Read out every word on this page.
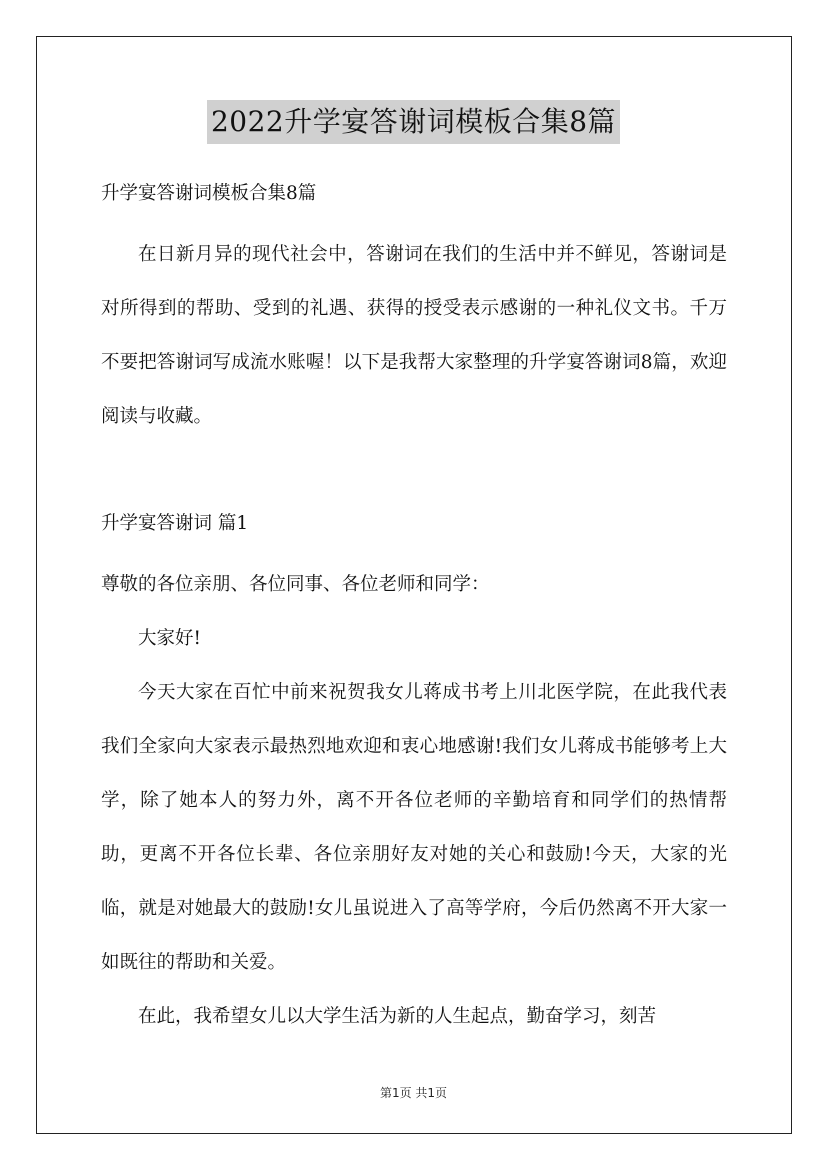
2022升学宴答谢词模板合集8篇

升学宴答谢词模板合集8篇

在日新月异的现代社会中，答谢词在我们的生活中并不鲜见，答谢词是对所得到的帮助、受到的礼遇、获得的授受表示感谢的一种礼仪文书。千万不要把答谢词写成流水账喔！以下是我帮大家整理的升学宴答谢词8篇，欢迎阅读与收藏。

升学宴答谢词 篇1

尊敬的各位亲朋、各位同事、各位老师和同学：

大家好!

今天大家在百忙中前来祝贺我女儿蒋成书考上川北医学院，在此我代表我们全家向大家表示最热烈地欢迎和衷心地感谢!我们女儿蒋成书能够考上大学，除了她本人的努力外，离不开各位老师的辛勤培育和同学们的热情帮助，更离不开各位长辈、各位亲朋好友对她的关心和鼓励!今天，大家的光临，就是对她最大的鼓励!女儿虽说进入了高等学府，今后仍然离不开大家一如既往的帮助和关爱。

在此，我希望女儿以大学生活为新的人生起点，勤奋学习，刻苦

第1页 共1页
